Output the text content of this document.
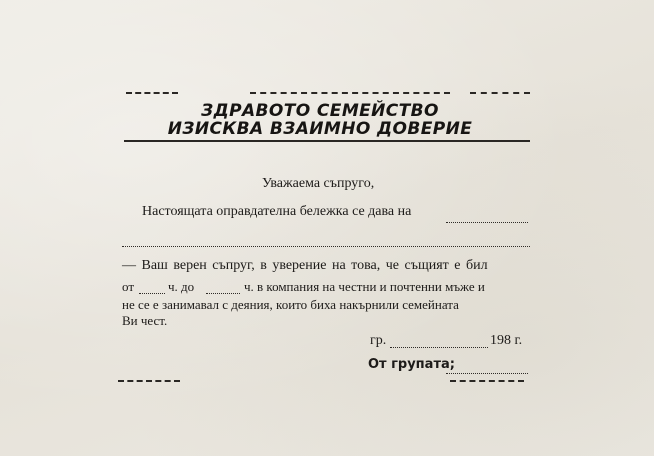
ЗДРАВОТО СЕМЕЙСТВО
ИЗИСКВА ВЗАИМНО ДОВЕРИЕ
Уважаема съпруго,
Настоящата оправдателна бележка се дава на
— Ваш верен съпруг, в уверение на това, че същият е бил
от	ч. до	ч. в компания на честни и почтенни мъже и
не се е занимавал с деяния, които биха накърнили семейната
Ви чест.
гр.	198 г.
От групата;
